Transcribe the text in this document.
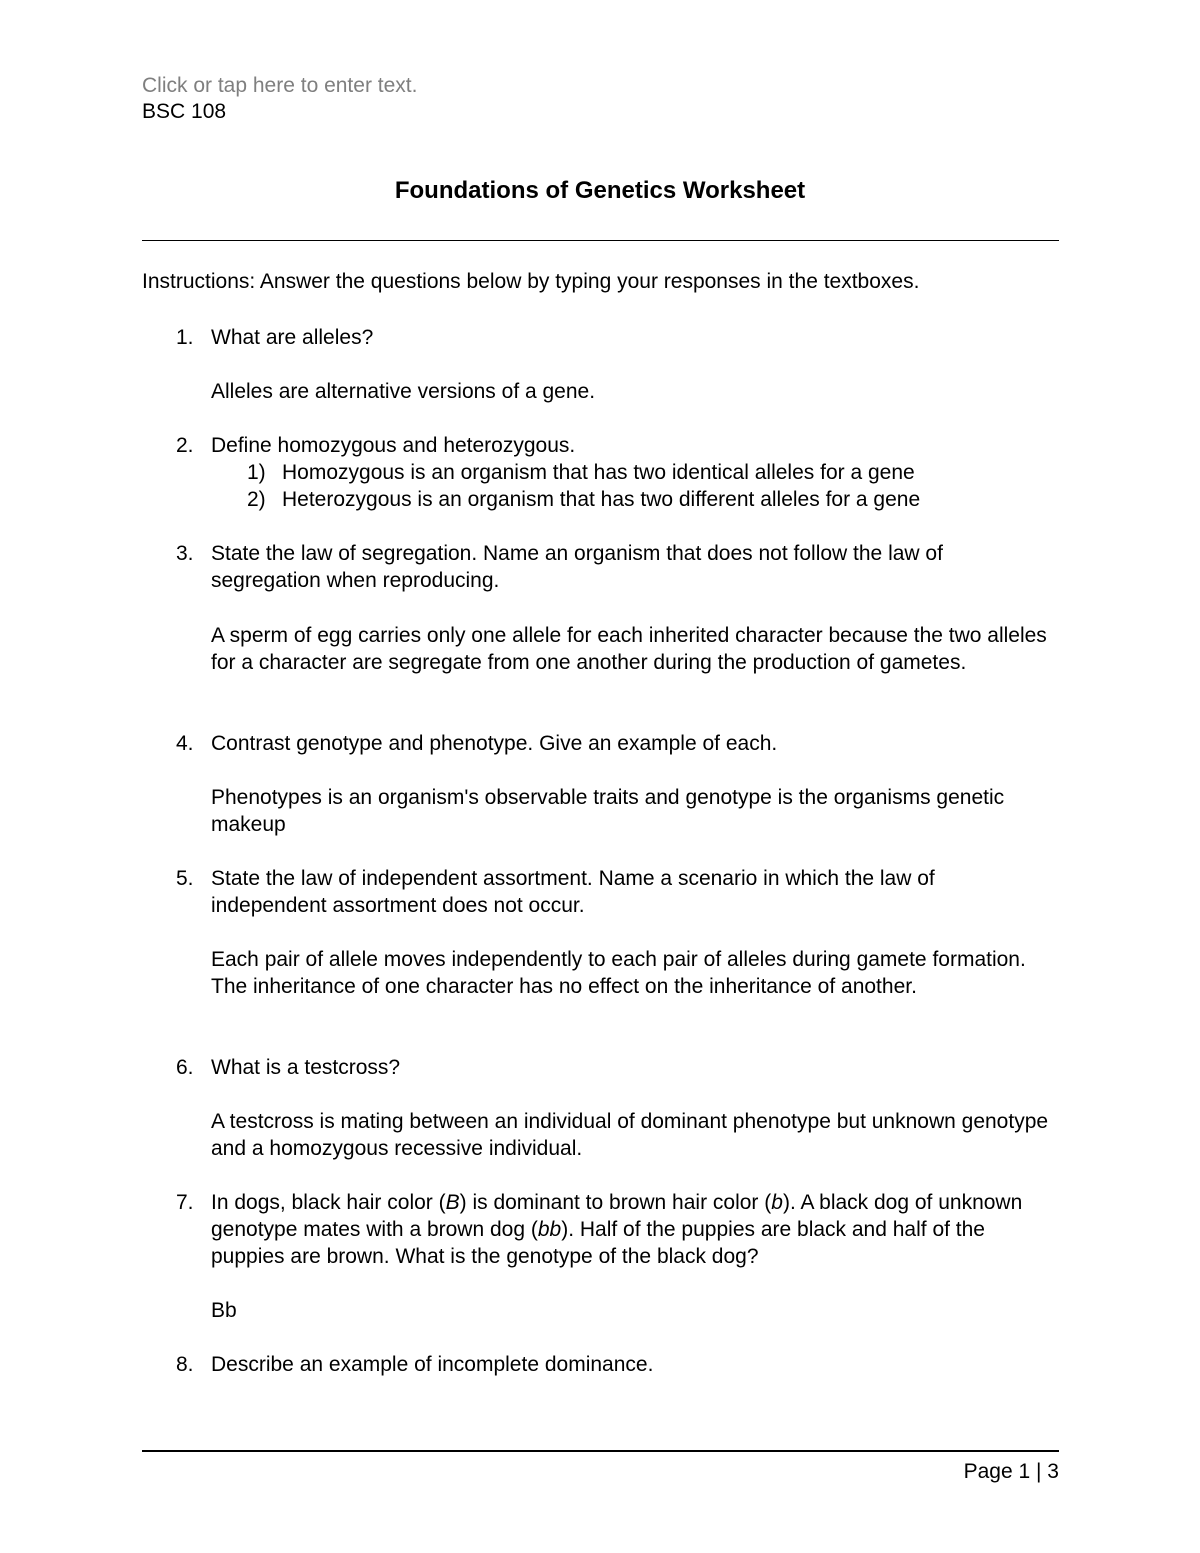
Click or tap here to enter text.
BSC 108
Foundations of Genetics Worksheet
Instructions: Answer the questions below by typing your responses in the textboxes.
1. What are alleles?
Alleles are alternative versions of a gene.
2. Define homozygous and heterozygous.
1) Homozygous is an organism that has two identical alleles for a gene
2) Heterozygous is an organism that has two different alleles for a gene
3. State the law of segregation. Name an organism that does not follow the law of segregation when reproducing.
A sperm of egg carries only one allele for each inherited character because the two alleles for a character are segregate from one another during the production of gametes.
4. Contrast genotype and phenotype. Give an example of each.
Phenotypes is an organism's observable traits and genotype is the organisms genetic makeup
5. State the law of independent assortment. Name a scenario in which the law of independent assortment does not occur.
Each pair of allele moves independently to each pair of alleles during gamete formation. The inheritance of one character has no effect on the inheritance of another.
6. What is a testcross?
A testcross is mating between an individual of dominant phenotype but unknown genotype and a homozygous recessive individual.
7. In dogs, black hair color (B) is dominant to brown hair color (b). A black dog of unknown genotype mates with a brown dog (bb). Half of the puppies are black and half of the puppies are brown. What is the genotype of the black dog?
Bb
8. Describe an example of incomplete dominance.
Page 1 | 3
